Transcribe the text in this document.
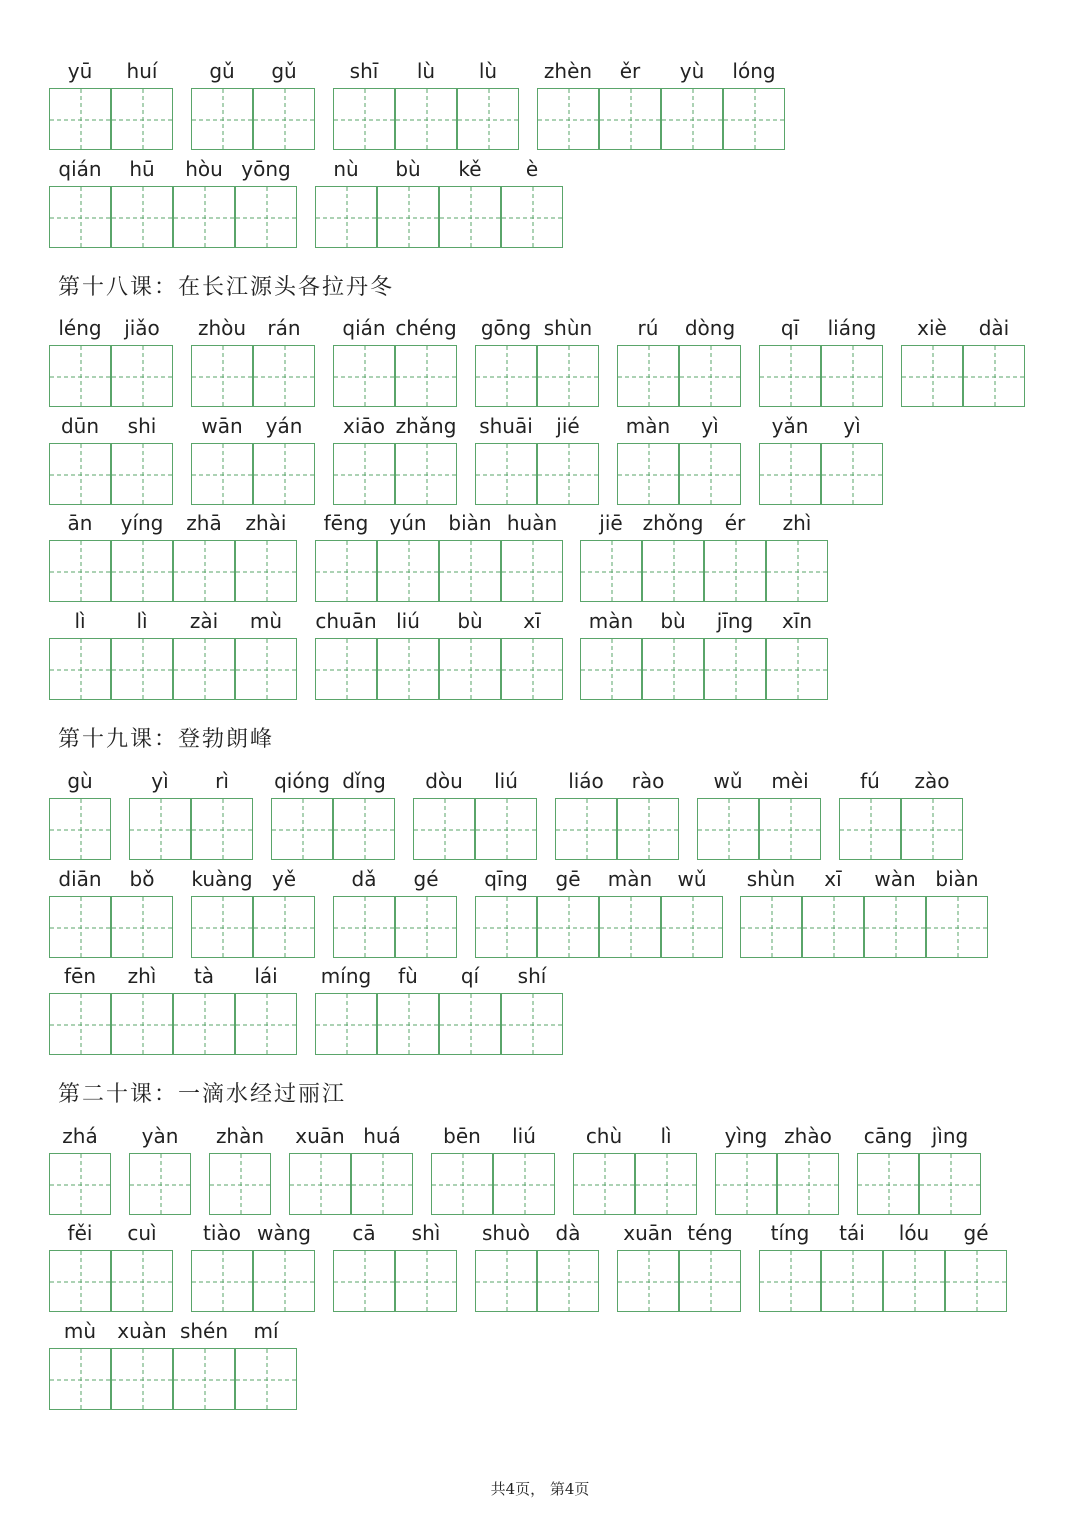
yū	huí	gǔ	gǔ	shī	lù	lù	zhèn	ěr	yù	lóng
qián	hū	hòu yōng	nù	bù	kě	è
第十八课：在长江源头各拉丹冬
léng	jiǎo	zhòu	rán	qián chéng gōng shùn	rú	dòng	qī	liáng	xiè	dài
dūn	shi	wān	yán	xiāo zhǎng shuāi	jié	màn	yì	yǎn	yì
ān	yíng	zhā	zhài	fēng	yún	biàn huàn	jiē zhǒng	ér	zhì
lì	lì	zài	mù	chuān liú	bù	xī	màn	bù	jīng	xīn
第十九课：登勃朗峰
gù	yì	rì	qióng dǐng	dòu	liú	liáo	rào	wǔ	mèi	fú	zào
diān	bǒ	kuàng yě	dǎ	gé	qīng	gē	màn	wǔ	shùn	xī	wàn biàn
fēn	zhì	tà	lái	míng	fù	qí	shí
第二十课：一滴水经过丽江
zhá	yàn	zhàn	xuān huá	bēn	liú	chù	lì	yìng zhào	cāng jìng
fěi	cuì	tiào wàng	cā	shì	shuò	dà	xuān téng	tíng	tái	lóu	gé
mù	xuàn shén	mí
共4页， 第4页
